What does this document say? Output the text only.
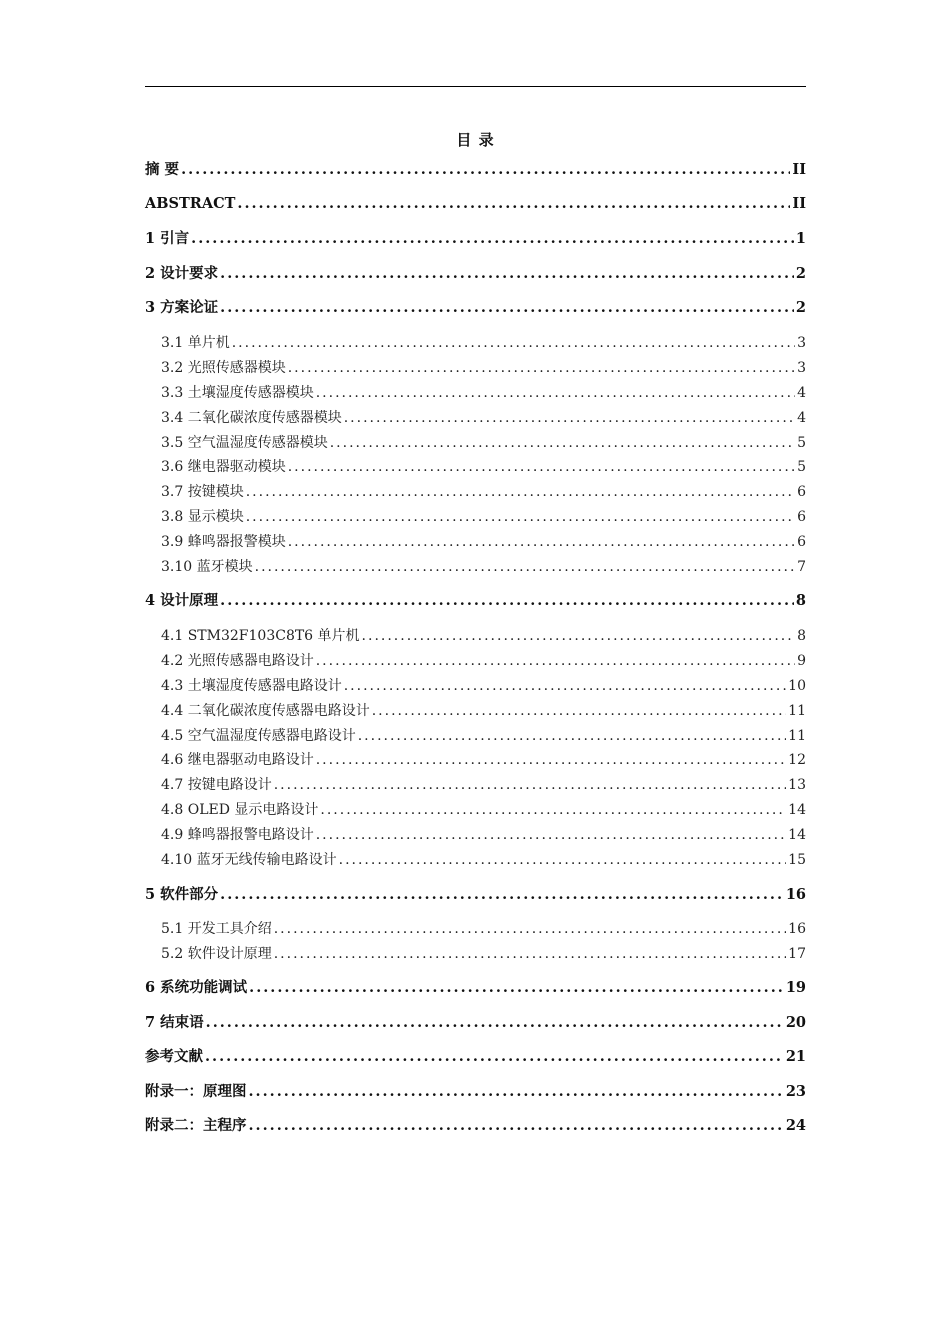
目 录
摘 要 .....	II
ABSTRACT .....	II
1 引言 .....	1
2 设计要求 .....	2
3 方案论证 .....	2
3.1 单片机 .....	3
3.2 光照传感器模块 .....	3
3.3 土壤湿度传感器模块 .....	4
3.4 二氧化碳浓度传感器模块 .....	4
3.5 空气温湿度传感器模块 .....	5
3.6 继电器驱动模块 .....	5
3.7 按键模块 .....	6
3.8 显示模块 .....	6
3.9 蜂鸣器报警模块 .....	6
3.10 蓝牙模块 .....	7
4 设计原理 .....	8
4.1 STM32F103C8T6 单片机 .....	8
4.2 光照传感器电路设计 .....	9
4.3 土壤湿度传感器电路设计 .....	10
4.4 二氧化碳浓度传感器电路设计 .....	11
4.5 空气温湿度传感器电路设计 .....	11
4.6 继电器驱动电路设计 .....	12
4.7 按键电路设计 .....	13
4.8 OLED 显示电路设计 .....	14
4.9 蜂鸣器报警电路设计 .....	14
4.10 蓝牙无线传输电路设计 .....	15
5 软件部分 .....	16
5.1 开发工具介绍 .....	16
5.2 软件设计原理 .....	17
6 系统功能调试 .....	19
7 结束语 .....	20
参考文献 .....	21
附录一：原理图 .....	23
附录二：主程序 .....	24
